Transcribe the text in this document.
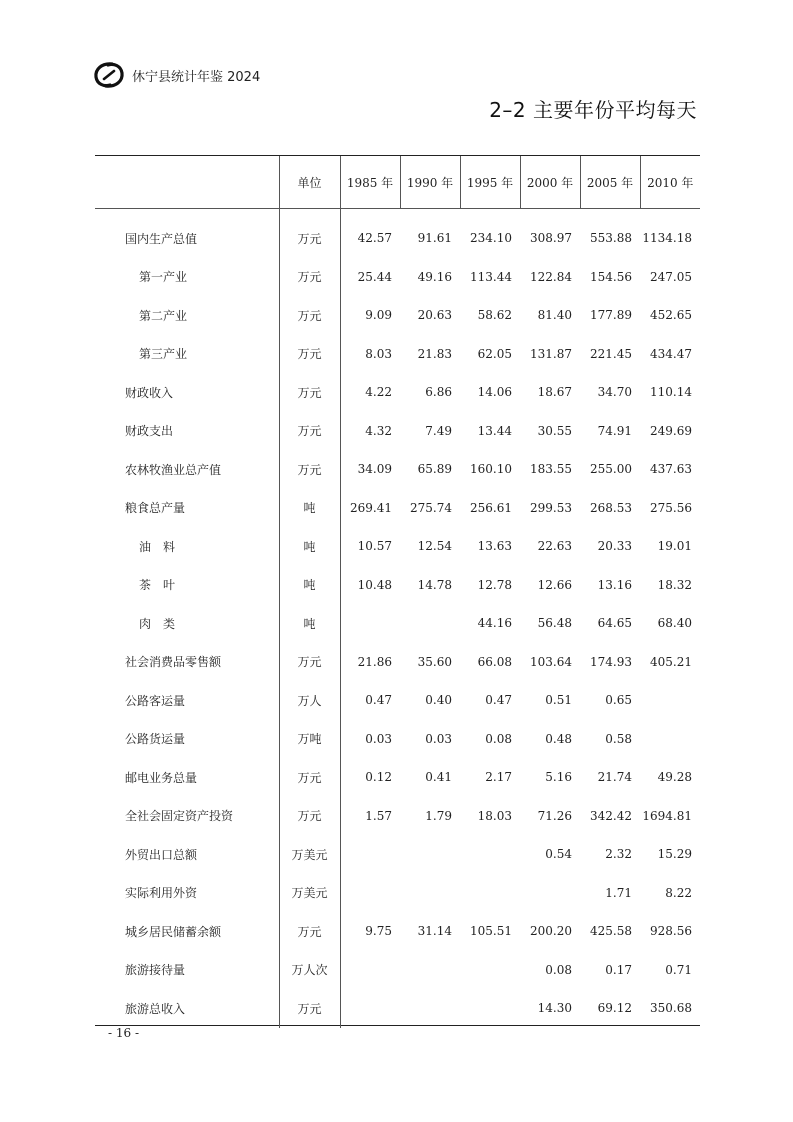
休宁县统计年鉴 2024
2–2 主要年份平均每天
	单位	1985 年	1990 年	1995 年	2000 年	2005 年	2010 年
国内生产总值	万元	42.57	91.61	234.10	308.97	553.88	1134.18
第一产业	万元	25.44	49.16	113.44	122.84	154.56	247.05
第二产业	万元	9.09	20.63	58.62	81.40	177.89	452.65
第三产业	万元	8.03	21.83	62.05	131.87	221.45	434.47
财政收入	万元	4.22	6.86	14.06	18.67	34.70	110.14
财政支出	万元	4.32	7.49	13.44	30.55	74.91	249.69
农林牧渔业总产值	万元	34.09	65.89	160.10	183.55	255.00	437.63
粮食总产量	吨	269.41	275.74	256.61	299.53	268.53	275.56
油　料	吨	10.57	12.54	13.63	22.63	20.33	19.01
茶　叶	吨	10.48	14.78	12.78	12.66	13.16	18.32
肉　类	吨			44.16	56.48	64.65	68.40
社会消费品零售额	万元	21.86	35.60	66.08	103.64	174.93	405.21
公路客运量	万人	0.47	0.40	0.47	0.51	0.65	
公路货运量	万吨	0.03	0.03	0.08	0.48	0.58	
邮电业务总量	万元	0.12	0.41	2.17	5.16	21.74	49.28
全社会固定资产投资	万元	1.57	1.79	18.03	71.26	342.42	1694.81
外贸出口总额	万美元				0.54	2.32	15.29
实际利用外资	万美元					1.71	8.22
城乡居民储蓄余额	万元	9.75	31.14	105.51	200.20	425.58	928.56
旅游接待量	万人次				0.08	0.17	0.71
旅游总收入	万元				14.30	69.12	350.68
- 16 -
